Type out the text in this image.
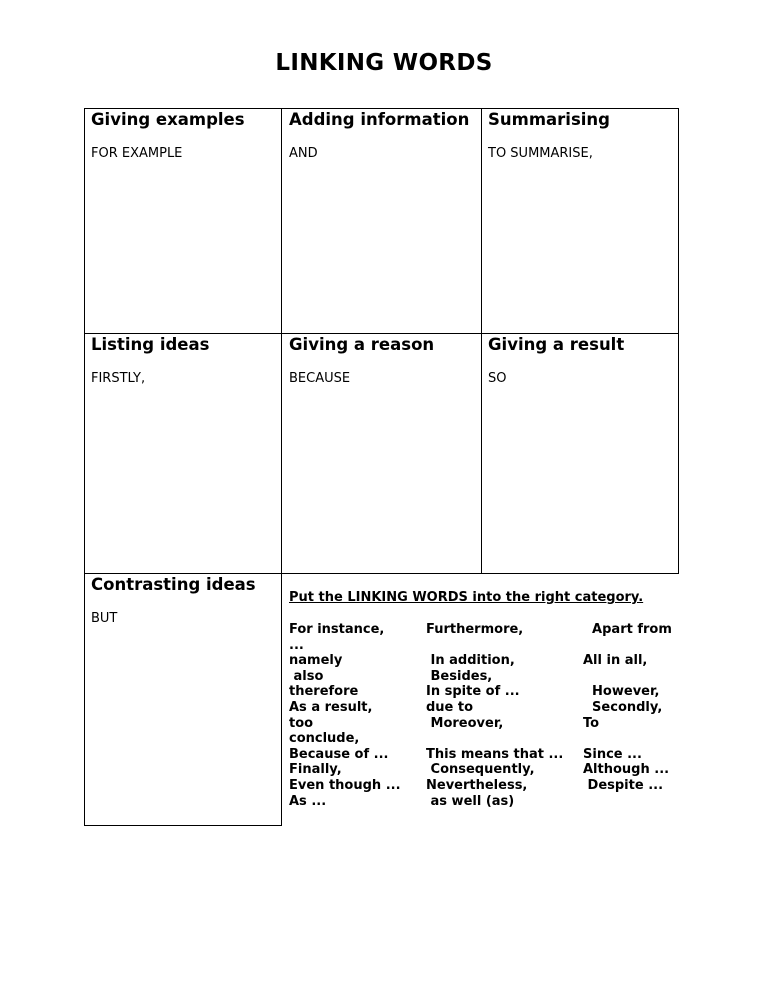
LINKING WORDS
Giving examples
FOR EXAMPLE
Adding information
AND
Summarising
TO SUMMARISE,
Listing ideas
FIRSTLY,
Giving a reason
BECAUSE
Giving a result
SO
Contrasting ideas
BUT
Put the LINKING WORDS into the right category.
For instance,
...
namely
also
therefore
As a result,
too
conclude,
Because of ...
Finally,
Even though ...
As ...
Furthermore,

In addition,
Besides,
In spite of ...
due to
Moreover,

This means that ...
Consequently,
Nevertheless,
as well (as)
Apart from

All in all,

However,
Secondly,
To

Since ...
Although ...
Despite ...
